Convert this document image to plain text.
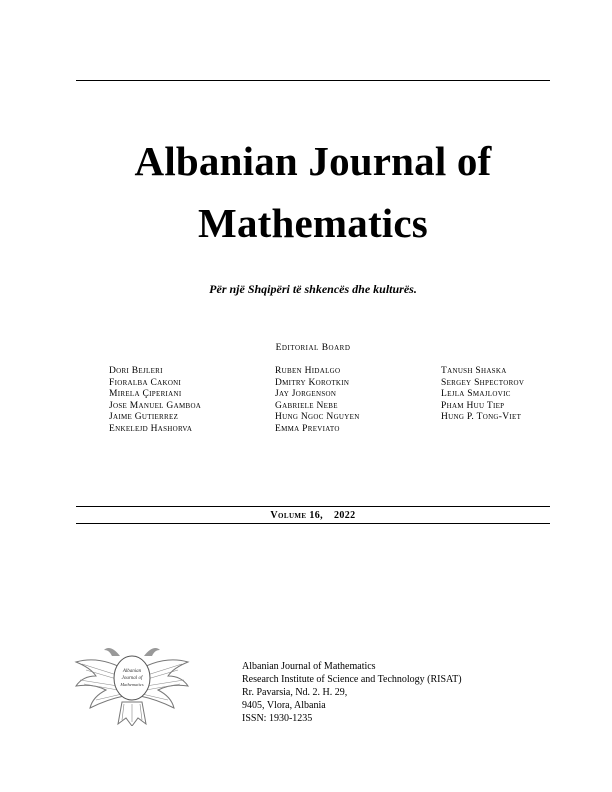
Albanian Journal of
Mathematics
Për një Shqipëri të shkencës dhe kulturës.
Editorial Board
Dori Bejleri
Fioralba Cakoni
Mirela Çiperiani
Jose Manuel Gamboa
Jaime Gutierrez
Enkelejd Hashorva
Ruben Hidalgo
Dmitry Korotkin
Jay Jorgenson
Gabriele Nebe
Hung Ngoc Nguyen
Emma Previato
Tanush Shaska
Sergey Shpectorov
Lejla Smajlovic
Pham Huu Tiep
Hung P. Tong-Viet
Volume 16, 2022
Albanian
Journal of
Mathematics
Albanian Journal of Mathematics
Research Institute of Science and Technology (RISAT)
Rr. Pavarsia, Nd. 2. H. 29,
9405, Vlora, Albania
ISSN: 1930-1235
